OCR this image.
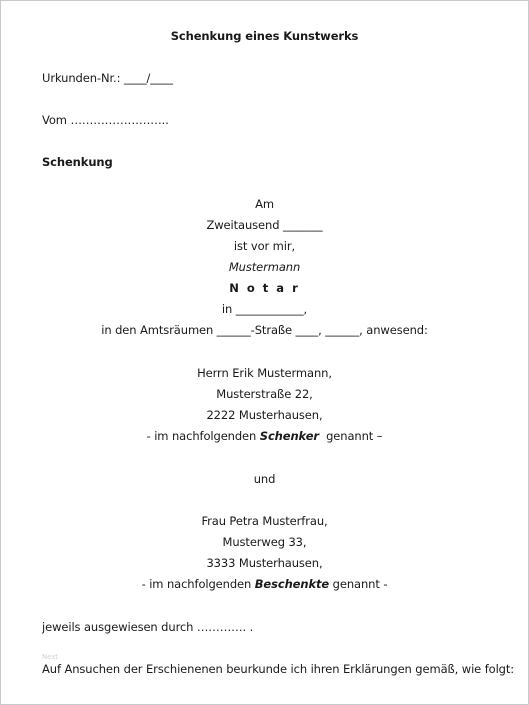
Schenkung eines Kunstwerks
Urkunden-Nr.: ____/____
Vom ……………………..
Schenkung
Am
Zweitausend _______
ist vor mir,
Mustermann
N o t a r
in ____________,
in den Amtsräumen ______-Straße ____, ______, anwesend:
Herrn Erik Mustermann,
Musterstraße 22,
2222 Musterhausen,
- im nachfolgenden Schenker  genannt –
und
Frau Petra Musterfrau,
Musterweg 33,
3333 Musterhausen,
- im nachfolgenden Beschenkte genannt -
jeweils ausgewiesen durch …………. .
Next
Auf Ansuchen der Erschienenen beurkunde ich ihren Erklärungen gemäß, wie folgt:
